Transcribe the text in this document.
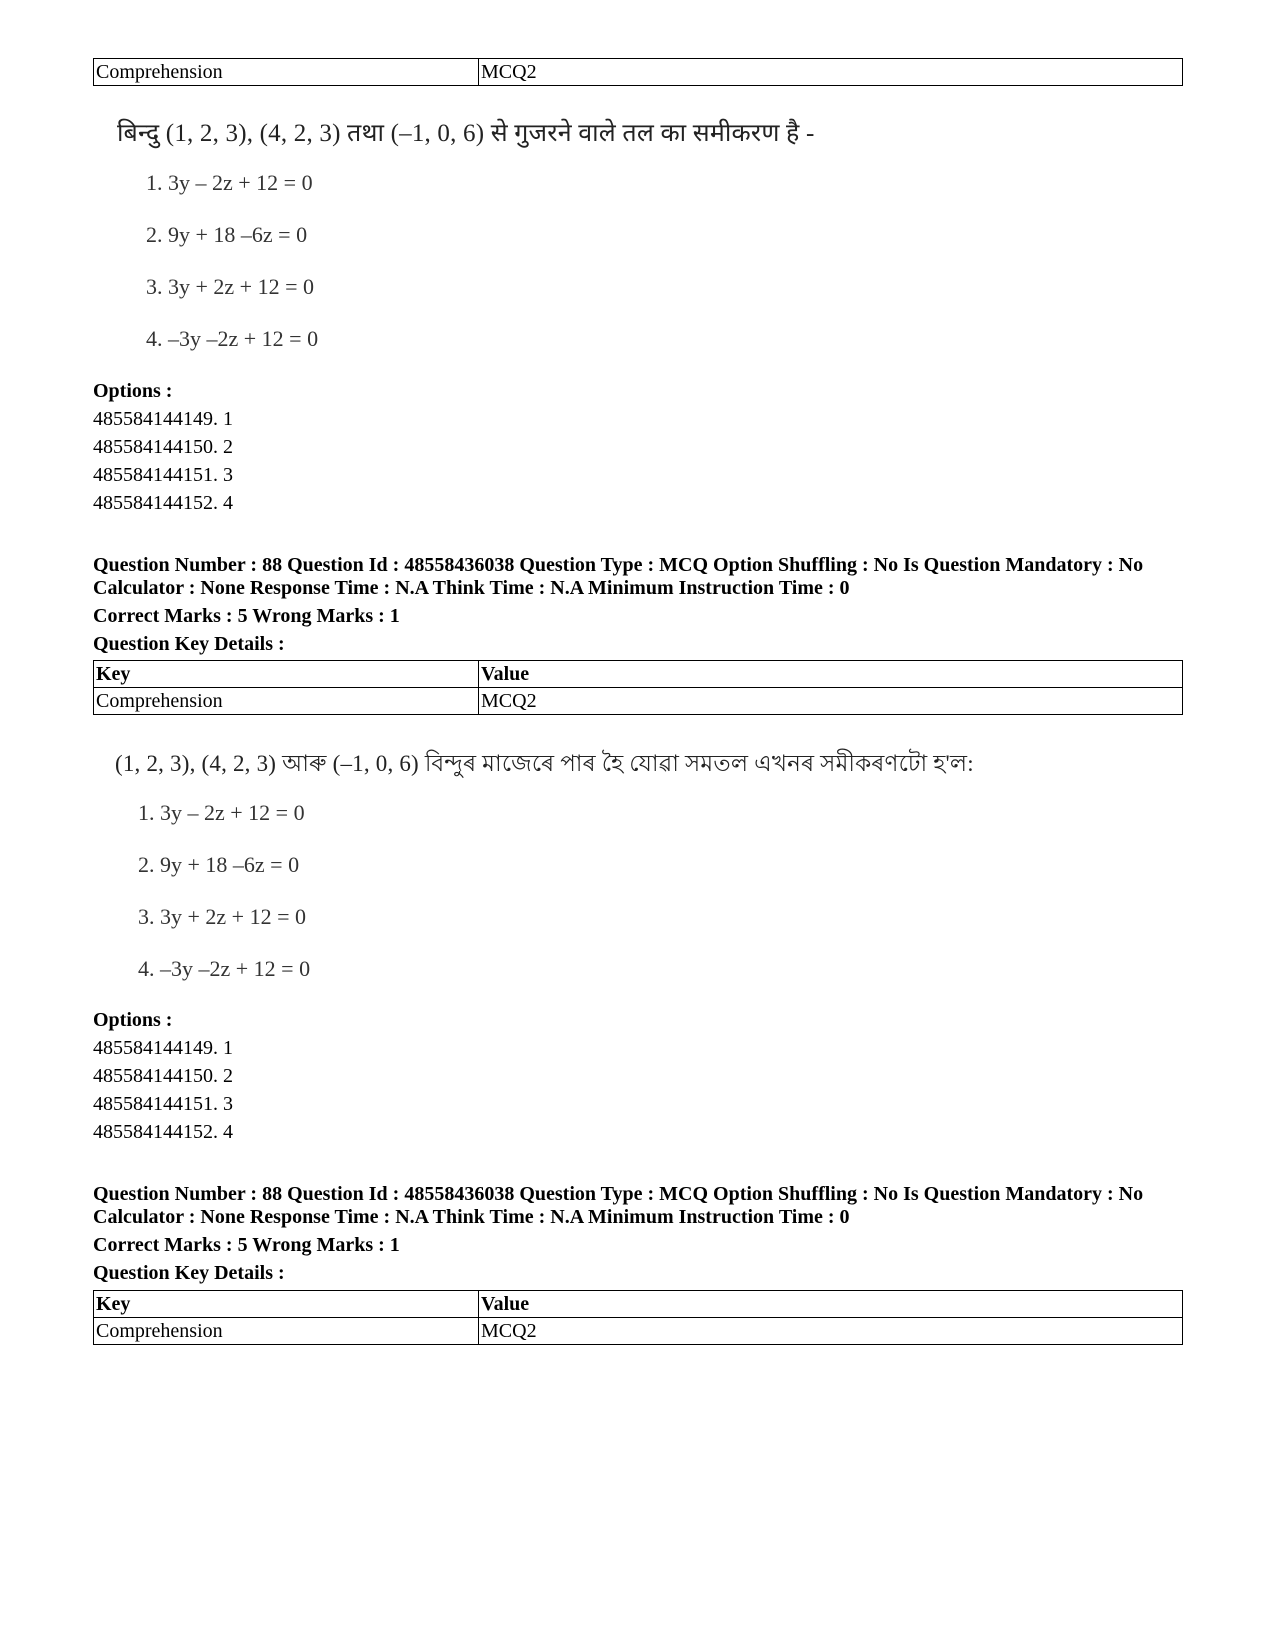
Comprehension	MCQ2
बिन्दु (1, 2, 3), (4, 2, 3) तथा (–1, 0, 6) से गुजरने वाले तल का समीकरण है -
1. 3y – 2z + 12 = 0
2. 9y + 18 –6z = 0
3. 3y + 2z + 12 = 0
4. –3y –2z + 12 = 0
Options :
485584144149. 1
485584144150. 2
485584144151. 3
485584144152. 4
Question Number : 88 Question Id : 48558436038 Question Type : MCQ Option Shuffling : No Is Question Mandatory : No Calculator : None Response Time : N.A Think Time : N.A Minimum Instruction Time : 0
Correct Marks : 5 Wrong Marks : 1
Question Key Details :
Key	Value
Comprehension	MCQ2
(1, 2, 3), (4, 2, 3) আৰু (–1, 0, 6) বিন্দুৰ মাজেৰে পাৰ হৈ যোৱা সমতল এখনৰ সমীকৰণটো হ'ল:
1. 3y – 2z + 12 = 0
2. 9y + 18 –6z = 0
3. 3y + 2z + 12 = 0
4. –3y –2z + 12 = 0
Options :
485584144149. 1
485584144150. 2
485584144151. 3
485584144152. 4
Question Number : 88 Question Id : 48558436038 Question Type : MCQ Option Shuffling : No Is Question Mandatory : No Calculator : None Response Time : N.A Think Time : N.A Minimum Instruction Time : 0
Correct Marks : 5 Wrong Marks : 1
Question Key Details :
Key	Value
Comprehension	MCQ2
